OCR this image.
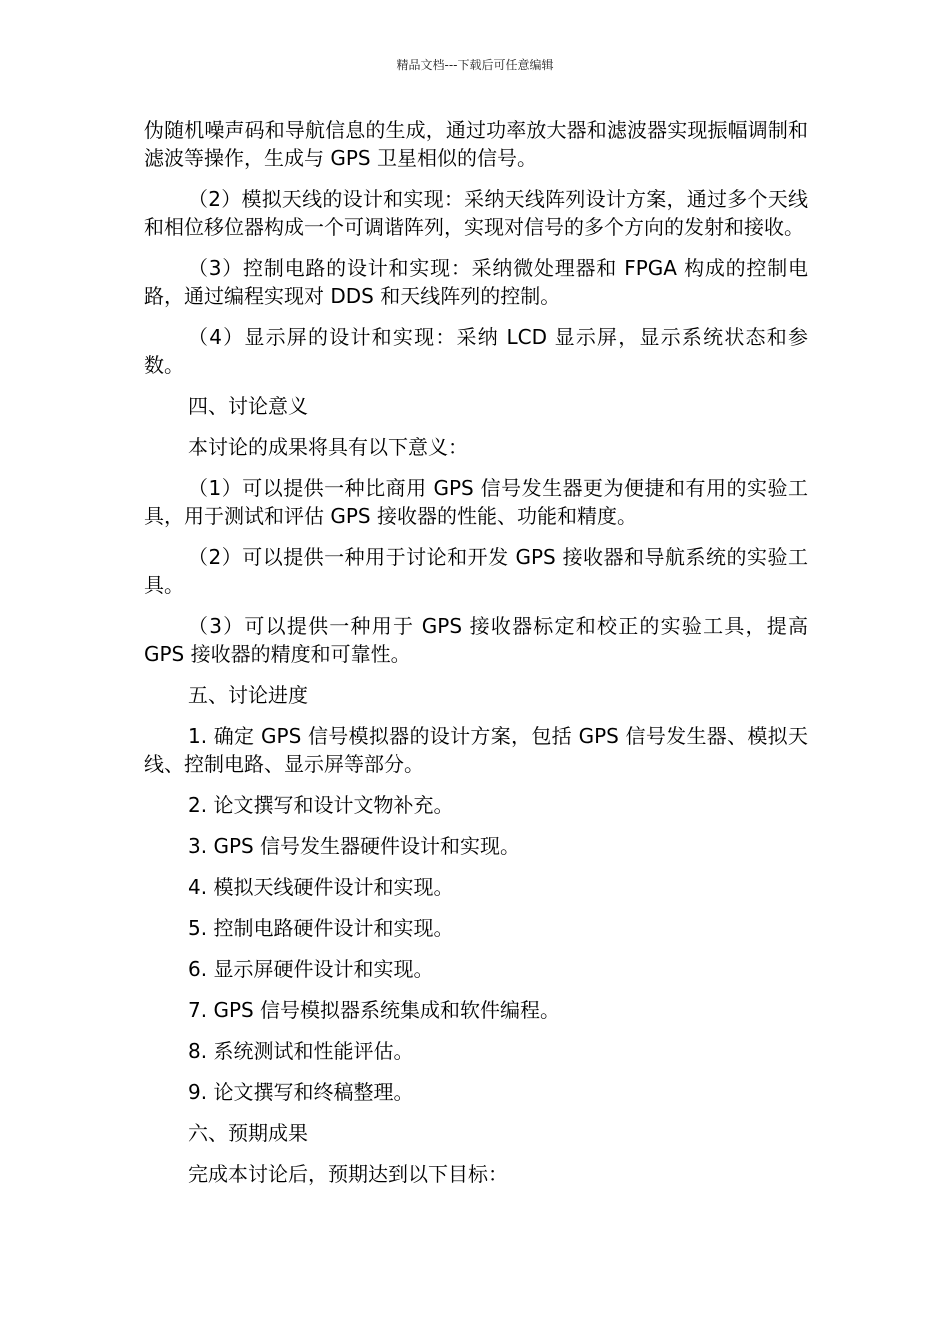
精品文档---下载后可任意编辑

伪随机噪声码和导航信息的生成，通过功率放大器和滤波器实现振幅调制和滤波等操作，生成与 GPS 卫星相似的信号。

（2）模拟天线的设计和实现：采纳天线阵列设计方案，通过多个天线和相位移位器构成一个可调谐阵列，实现对信号的多个方向的发射和接收。

（3）控制电路的设计和实现：采纳微处理器和 FPGA 构成的控制电路，通过编程实现对 DDS 和天线阵列的控制。

（4）显示屏的设计和实现：采纳 LCD 显示屏，显示系统状态和参数。

四、讨论意义

本讨论的成果将具有以下意义：

（1）可以提供一种比商用 GPS 信号发生器更为便捷和有用的实验工具，用于测试和评估 GPS 接收器的性能、功能和精度。

（2）可以提供一种用于讨论和开发 GPS 接收器和导航系统的实验工具。

（3）可以提供一种用于 GPS 接收器标定和校正的实验工具，提高 GPS 接收器的精度和可靠性。

五、讨论进度

1. 确定 GPS 信号模拟器的设计方案，包括 GPS 信号发生器、模拟天线、控制电路、显示屏等部分。

2. 论文撰写和设计文物补充。

3. GPS 信号发生器硬件设计和实现。

4. 模拟天线硬件设计和实现。

5. 控制电路硬件设计和实现。

6. 显示屏硬件设计和实现。

7. GPS 信号模拟器系统集成和软件编程。

8. 系统测试和性能评估。

9. 论文撰写和终稿整理。

六、预期成果

完成本讨论后，预期达到以下目标：
